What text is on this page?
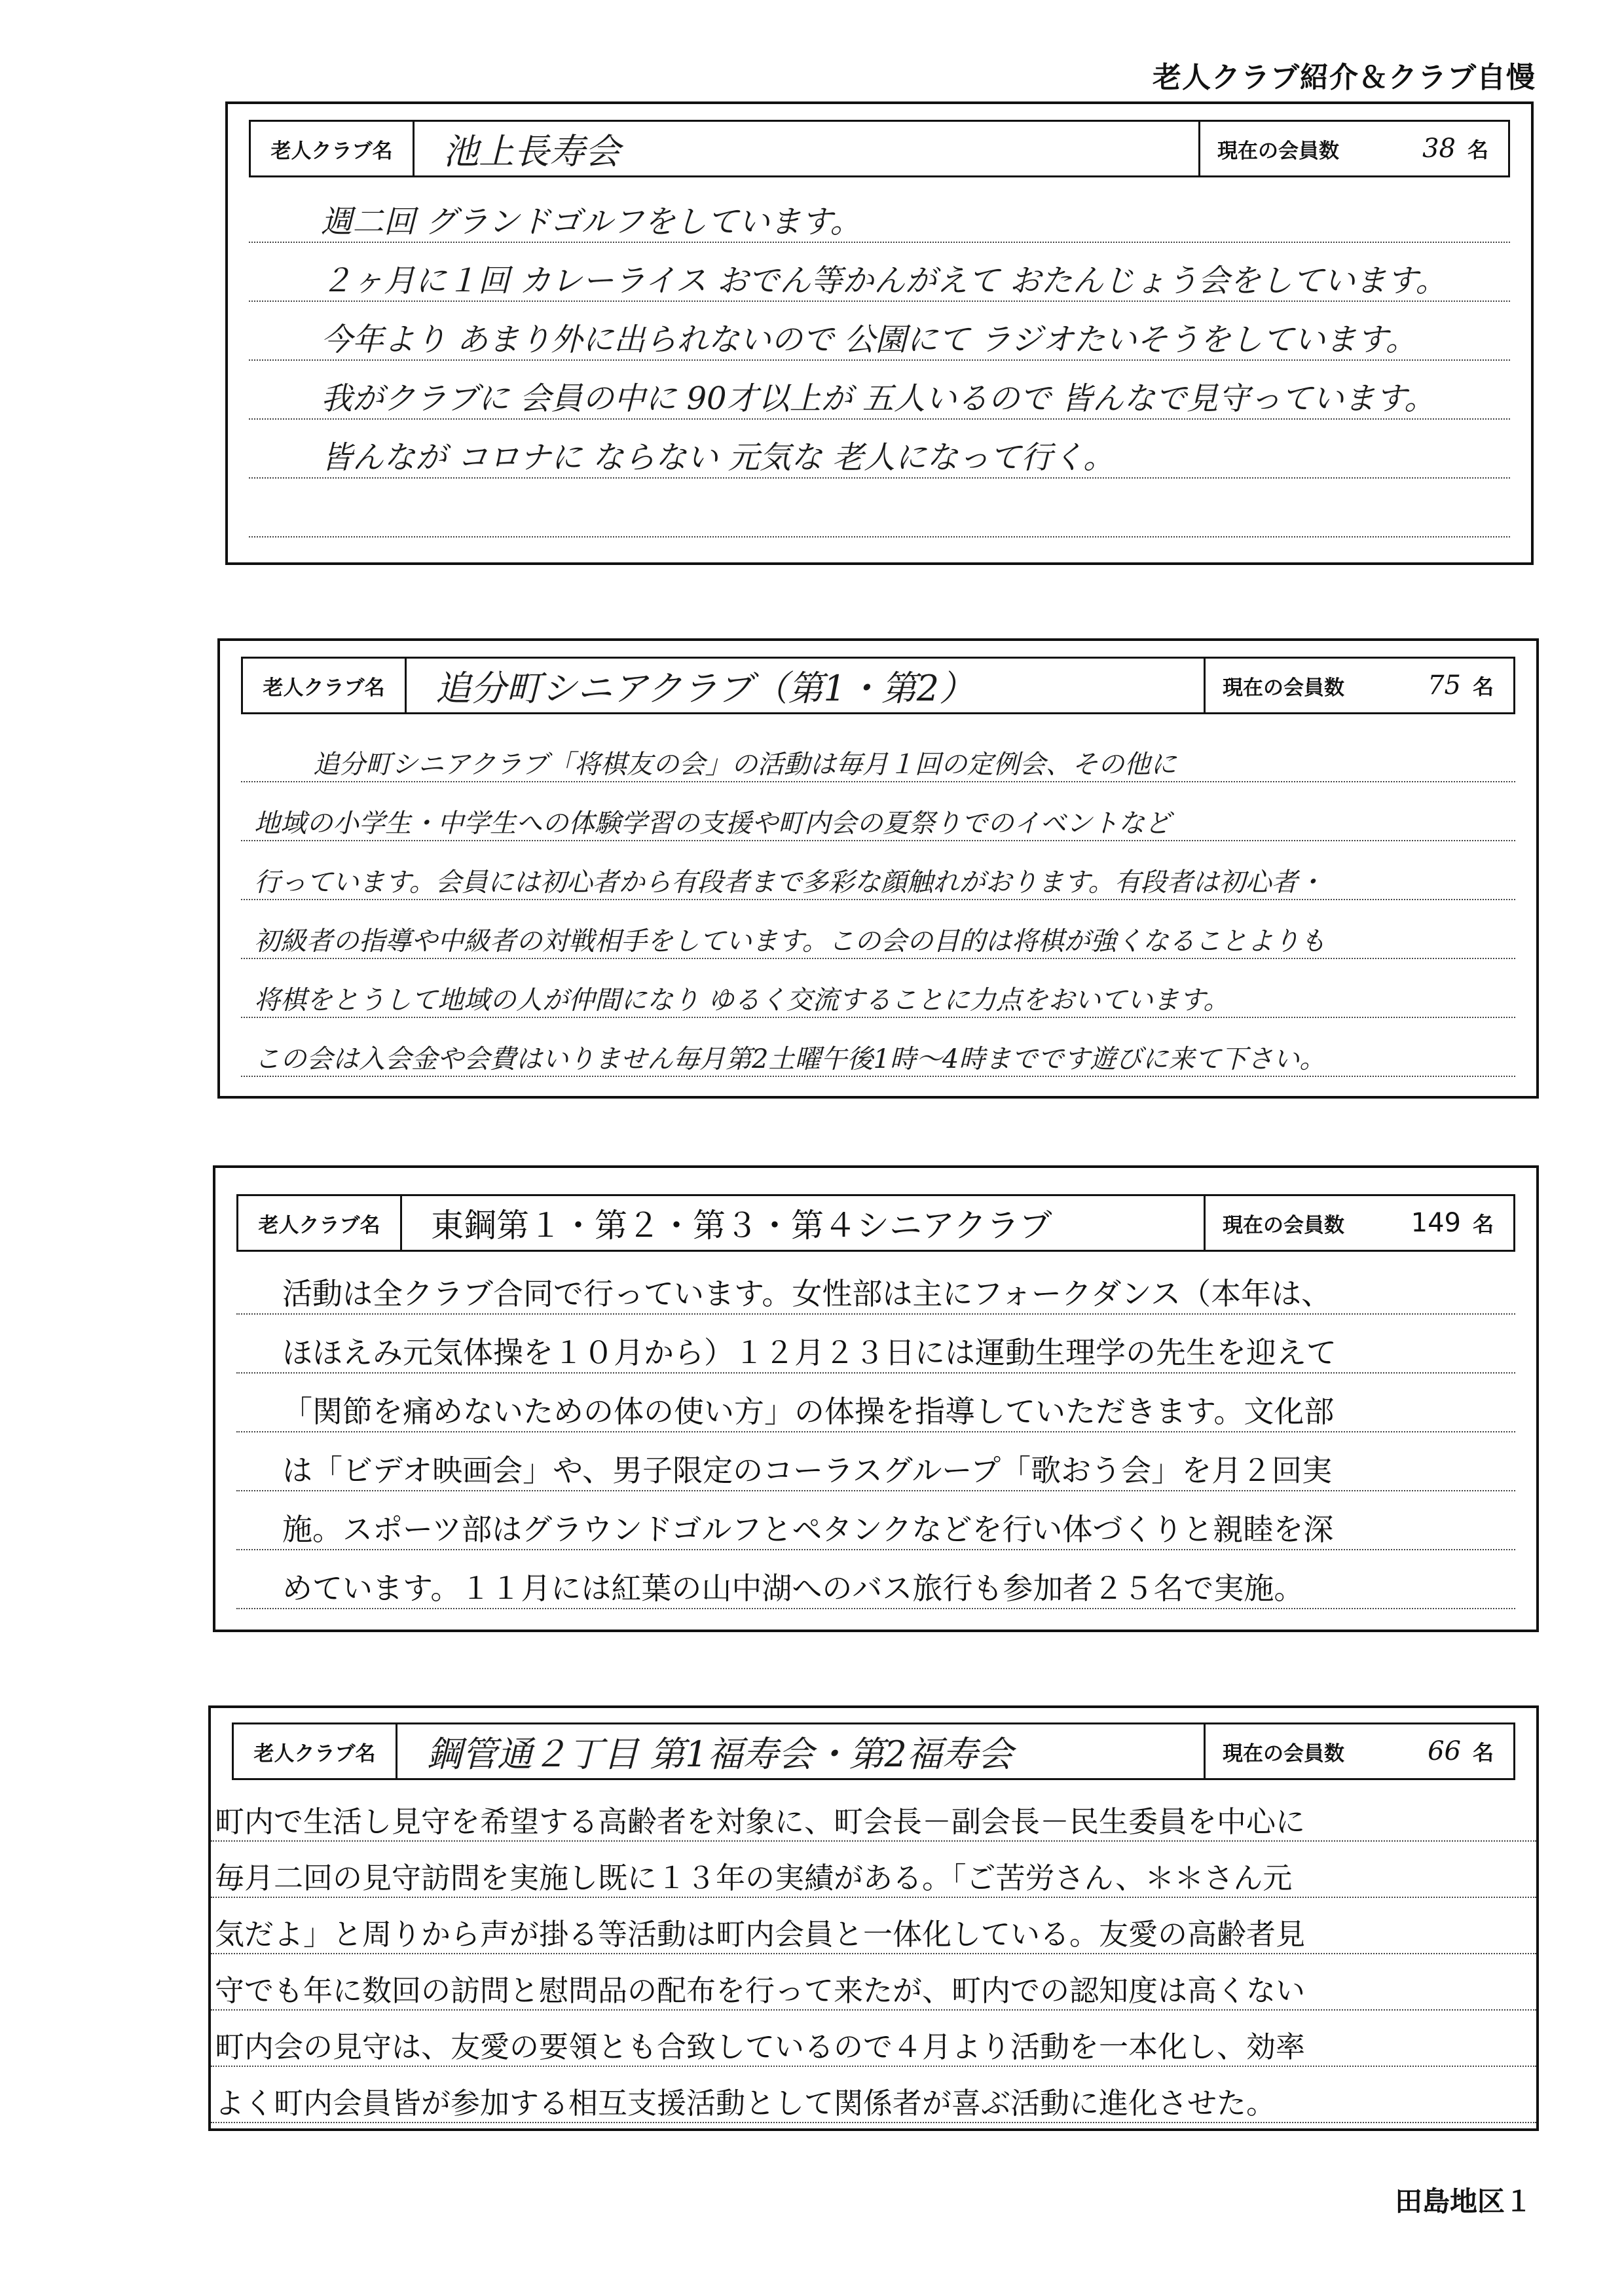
老人クラブ紹介＆クラブ自慢
老人クラブ名	池上長寿会	現在の会員数	38 名
週二回 グランドゴルフをしています。
２ヶ月に１回 カレーライス おでん等かんがえて おたんじょう会をしています。
今年より あまり外に出られないので 公園にて ラジオたいそうをしています。
我がクラブに 会員の中に 90才以上が 五人いるので 皆んなで見守っています。
皆んなが コロナに ならない 元気な 老人になって行く。
老人クラブ名	追分町シニアクラブ（第1・第2）	現在の会員数	75 名
追分町シニアクラブ「将棋友の会」の活動は毎月１回の定例会、その他に
地域の小学生・中学生への体験学習の支援や町内会の夏祭りでのイベントなど
行っています。会員には初心者から有段者まで多彩な顔触れがおります。有段者は初心者・
初級者の指導や中級者の対戦相手をしています。この会の目的は将棋が強くなることよりも
将棋をとうして地域の人が仲間になり ゆるく交流することに力点をおいています。
この会は入会金や会費はいりません毎月第2土曜午後1時～4時までです遊びに来て下さい。
老人クラブ名	東鋼第１・第２・第３・第４シニアクラブ	現在の会員数	149 名
活動は全クラブ合同で行っています。女性部は主にフォークダンス（本年は、
ほほえみ元気体操を１０月から）１２月２３日には運動生理学の先生を迎えて
「関節を痛めないための体の使い方」の体操を指導していただきます。文化部
は「ビデオ映画会」や、男子限定のコーラスグループ「歌おう会」を月２回実
施。スポーツ部はグラウンドゴルフとペタンクなどを行い体づくりと親睦を深
めています。１１月には紅葉の山中湖へのバス旅行も参加者２５名で実施。
老人クラブ名	鋼管通２丁目 第1福寿会・第2福寿会	現在の会員数	66 名
町内で生活し見守を希望する高齢者を対象に、町会長－副会長－民生委員を中心に
毎月二回の見守訪問を実施し既に１３年の実績がある。「ご苦労さん、＊＊さん元
気だよ」と周りから声が掛る等活動は町内会員と一体化している。友愛の高齢者見
守でも年に数回の訪問と慰問品の配布を行って来たが、町内での認知度は高くない
町内会の見守は、友愛の要領とも合致しているので４月より活動を一本化し、効率
よく町内会員皆が参加する相互支援活動として関係者が喜ぶ活動に進化させた。
田島地区１
